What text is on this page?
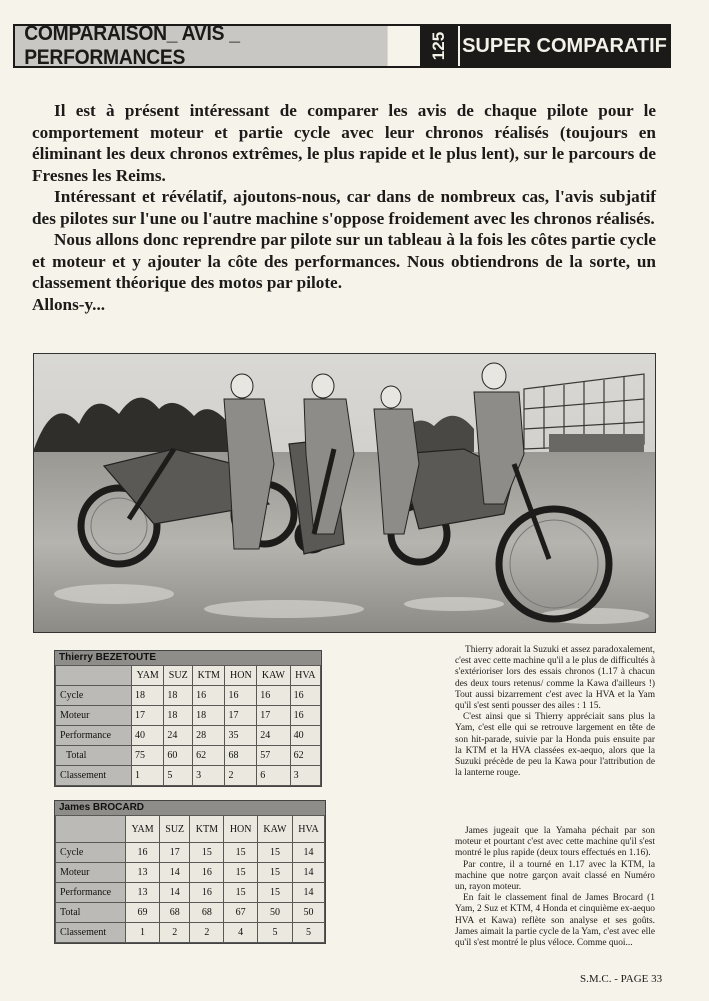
COMPARAISON_ AVIS _ PERFORMANCES	125 SUPER COMPARATIF

Il est à présent intéressant de comparer les avis de chaque pilote pour le comportement moteur et partie cycle avec leur chronos réalisés (toujours en éliminant les deux chronos extrêmes, le plus rapide et le plus lent), sur le parcours de Fresnes les Reims.

Intéressant et révélatif, ajoutons-nous, car dans de nombreux cas, l'avis subjatif des pilotes sur l'une ou l'autre machine s'oppose froidement avec les chronos réalisés.

Nous allons donc reprendre par pilote sur un tableau à la fois les côtes partie cycle et moteur et y ajouter la côte des performances. Nous obtiendrons de la sorte, un classement théorique des motos par pilote.

Allons-y...

Thierry BEZETOUTE
	YAM	SUZ	KTM	HON	KAW	HVA
Cycle	18	18	16	16	16	16
Moteur	17	18	18	17	17	16
Performance	40	24	28	35	24	40
Total	75	60	62	68	57	62
Classement	1	5	3	2	6	3
James BROCARD
	YAM	SUZ	KTM	HON	KAW	HVA
Cycle	16	17	15	15	15	14
Moteur	13	14	16	15	15	14
Performance	13	14	16	15	15	14
Total	69	68	68	67	50	50
Classement	1	2	2	4	5	5

Thierry adorait la Suzuki et assez paradoxalement, c'est avec cette machine qu'il a le plus de difficultés à s'extérioriser lors des essais chronos (1.17 à chacun des deux tours retenus/ comme la Kawa d'ailleurs !) Tout aussi bizarrement c'est avec la HVA et la Yam qu'il s'est senti pousser des ailes : 1 15.

C'est ainsi que si Thierry appréciait sans plus la Yam, c'est elle qui se retrouve largement en tête de son hit-parade, suivie par la Honda puis ensuite par la KTM et la HVA classées ex-aequo, alors que la Suzuki précède de peu la Kawa pour l'attribution de la lanterne rouge.

James jugeait que la Yamaha péchait par son moteur et pourtant c'est avec cette machine qu'il s'est montré le plus rapide (deux tours effectués en 1.16).

Par contre, il a tourné en 1.17 avec la KTM, la machine que notre garçon avait classé en Numéro un, rayon moteur.

En fait le classement final de James Brocard (1 Yam, 2 Suz et KTM, 4 Honda et cinquième ex-aequo HVA et Kawa) reflète son analyse et ses goûts. James aimait la partie cycle de la Yam, c'est avec elle qu'il s'est montré le plus véloce. Comme quoi...

S.M.C. - PAGE 33
